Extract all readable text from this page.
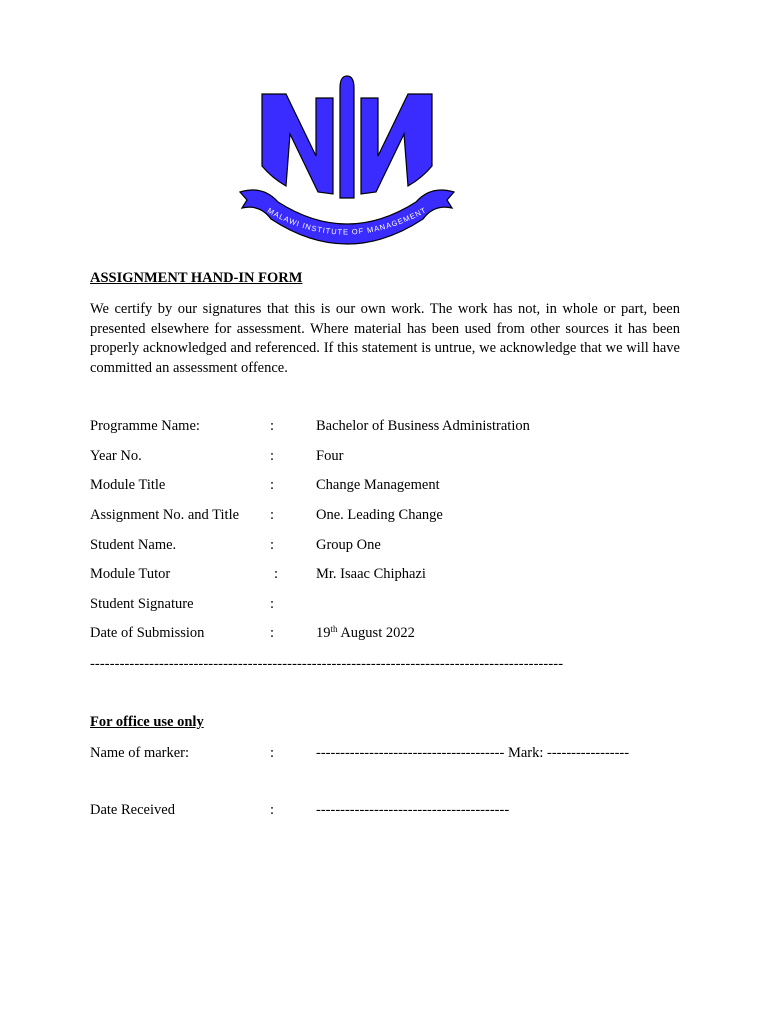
MALAWI INSTITUTE OF MANAGEMENT
ASSIGNMENT HAND-IN FORM
We certify by our signatures that this is our own work. The work has not, in whole or part, been presented elsewhere for assessment. Where material has been used from other sources it has been properly acknowledged and referenced. If this statement is untrue, we acknowledge that we will have committed an assessment offence.
Programme Name:	:	Bachelor of Business Administration
Year No.	:	Four
Module Title	:	Change Management
Assignment No. and Title :	One. Leading Change
Student Name.	:	Group One
Module Tutor	:	Mr. Isaac Chiphazi
Student Signature	:
Date of Submission	:	19th August 2022
------------------------------------------------------------------------------------------------
For office use only
Name of marker:	:	--------------------------------------- Mark: -----------------
Date Received	:	----------------------------------------
